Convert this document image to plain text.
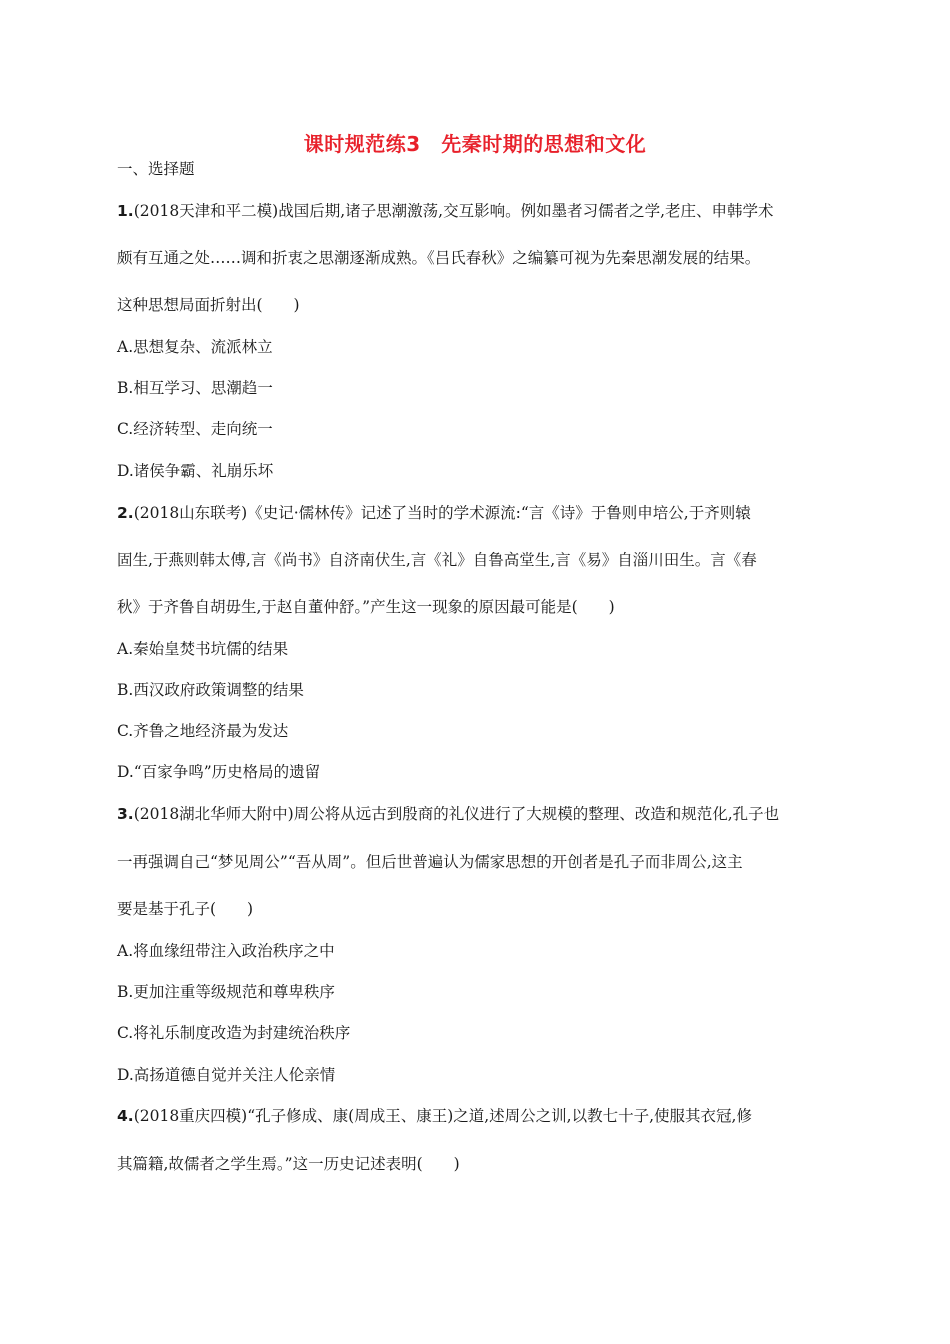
课时规范练3　先秦时期的思想和文化
一、选择题
1.(2018天津和平二模)战国后期,诸子思潮激荡,交互影响。例如墨者习儒者之学,老庄、申韩学术
颇有互通之处……调和折衷之思潮逐渐成熟。《吕氏春秋》之编纂可视为先秦思潮发展的结果。
这种思想局面折射出(　　)
A.思想复杂、流派林立
B.相互学习、思潮趋一
C.经济转型、走向统一
D.诸侯争霸、礼崩乐坏
2.(2018山东联考)《史记·儒林传》记述了当时的学术源流:“言《诗》于鲁则申培公,于齐则辕
固生,于燕则韩太傅,言《尚书》自济南伏生,言《礼》自鲁高堂生,言《易》自淄川田生。言《春
秋》于齐鲁自胡毋生,于赵自董仲舒。”产生这一现象的原因最可能是(　　)
A.秦始皇焚书坑儒的结果
B.西汉政府政策调整的结果
C.齐鲁之地经济最为发达
D.“百家争鸣”历史格局的遗留
3.(2018湖北华师大附中)周公将从远古到殷商的礼仪进行了大规模的整理、改造和规范化,孔子也
一再强调自己“梦见周公”“吾从周”。但后世普遍认为儒家思想的开创者是孔子而非周公,这主
要是基于孔子(　　)
A.将血缘纽带注入政治秩序之中
B.更加注重等级规范和尊卑秩序
C.将礼乐制度改造为封建统治秩序
D.高扬道德自觉并关注人伦亲情
4.(2018重庆四模)“孔子修成、康(周成王、康王)之道,述周公之训,以教七十子,使服其衣冠,修
其篇籍,故儒者之学生焉。”这一历史记述表明(　　)
